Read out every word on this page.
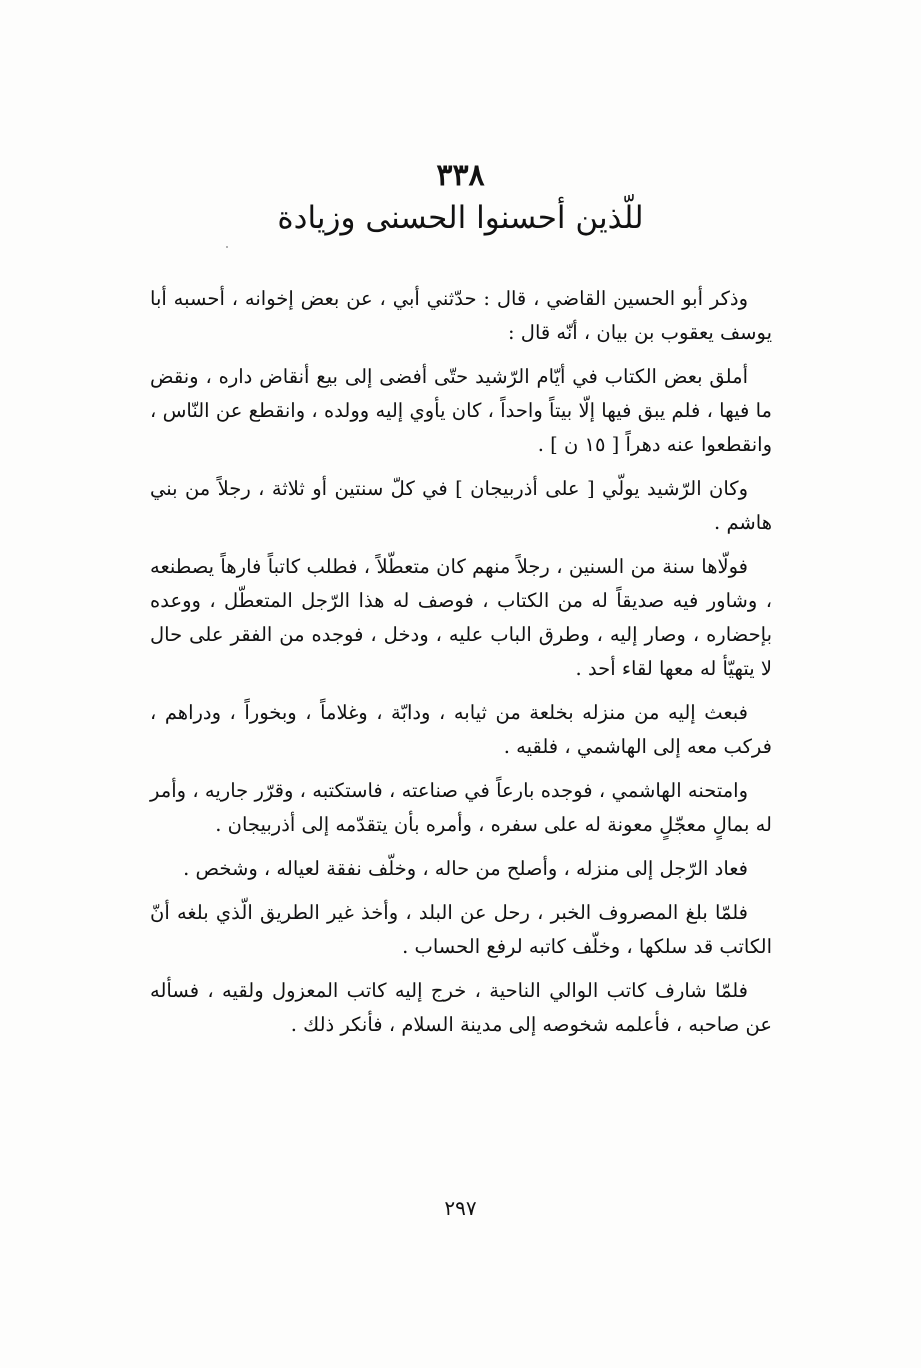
٣٣٨
للّذين أحسنوا الحسنى وزيادة

وذكر أبو الحسين القاضي ، قال : حدّثني أبي ، عن بعض إخوانه ، أحسبه أبا يوسف يعقوب بن بيان ، أنّه قال :

أملق بعض الكتاب في أيّام الرّشيد حتّى أفضى إلى بيع أنقاض داره ، ونقض ما فيها ، فلم يبق فيها إلّا بيتاً واحداً ، كان يأوي إليه وولده ، وانقطع عن النّاس ، وانقطعوا عنه دهراً [ ١٥ ن ] .

وكان الرّشيد يولّي [ على أذربيجان ] في كلّ سنتين أو ثلاثة ، رجلاً من بني هاشم .

فولّاها سنة من السنين ، رجلاً منهم كان متعطّلاً ، فطلب كاتباً فارهاً يصطنعه ، وشاور فيه صديقاً له من الكتاب ، فوصف له هذا الرّجل المتعطّل ، ووعده بإحضاره ، وصار إليه ، وطرق الباب عليه ، ودخل ، فوجده من الفقر على حال لا يتهيّأ له معها لقاء أحد .

فبعث إليه من منزله بخلعة من ثيابه ، ودابّة ، وغلاماً ، وبخوراً ، ودراهم ، فركب معه إلى الهاشمي ، فلقيه .

وامتحنه الهاشمي ، فوجده بارعاً في صناعته ، فاستكتبه ، وقرّر جاريه ، وأمر له بمالٍ معجّلٍ معونة له على سفره ، وأمره بأن يتقدّمه إلى أذربيجان .

فعاد الرّجل إلى منزله ، وأصلح من حاله ، وخلّف نفقة لعياله ، وشخص .

فلمّا بلغ المصروف الخبر ، رحل عن البلد ، وأخذ غير الطريق الّذي بلغه أنّ الكاتب قد سلكها ، وخلّف كاتبه لرفع الحساب .

فلمّا شارف كاتب الوالي الناحية ، خرج إليه كاتب المعزول ولقيه ، فسأله عن صاحبه ، فأعلمه شخوصه إلى مدينة السلام ، فأنكر ذلك .

٢٩٧
